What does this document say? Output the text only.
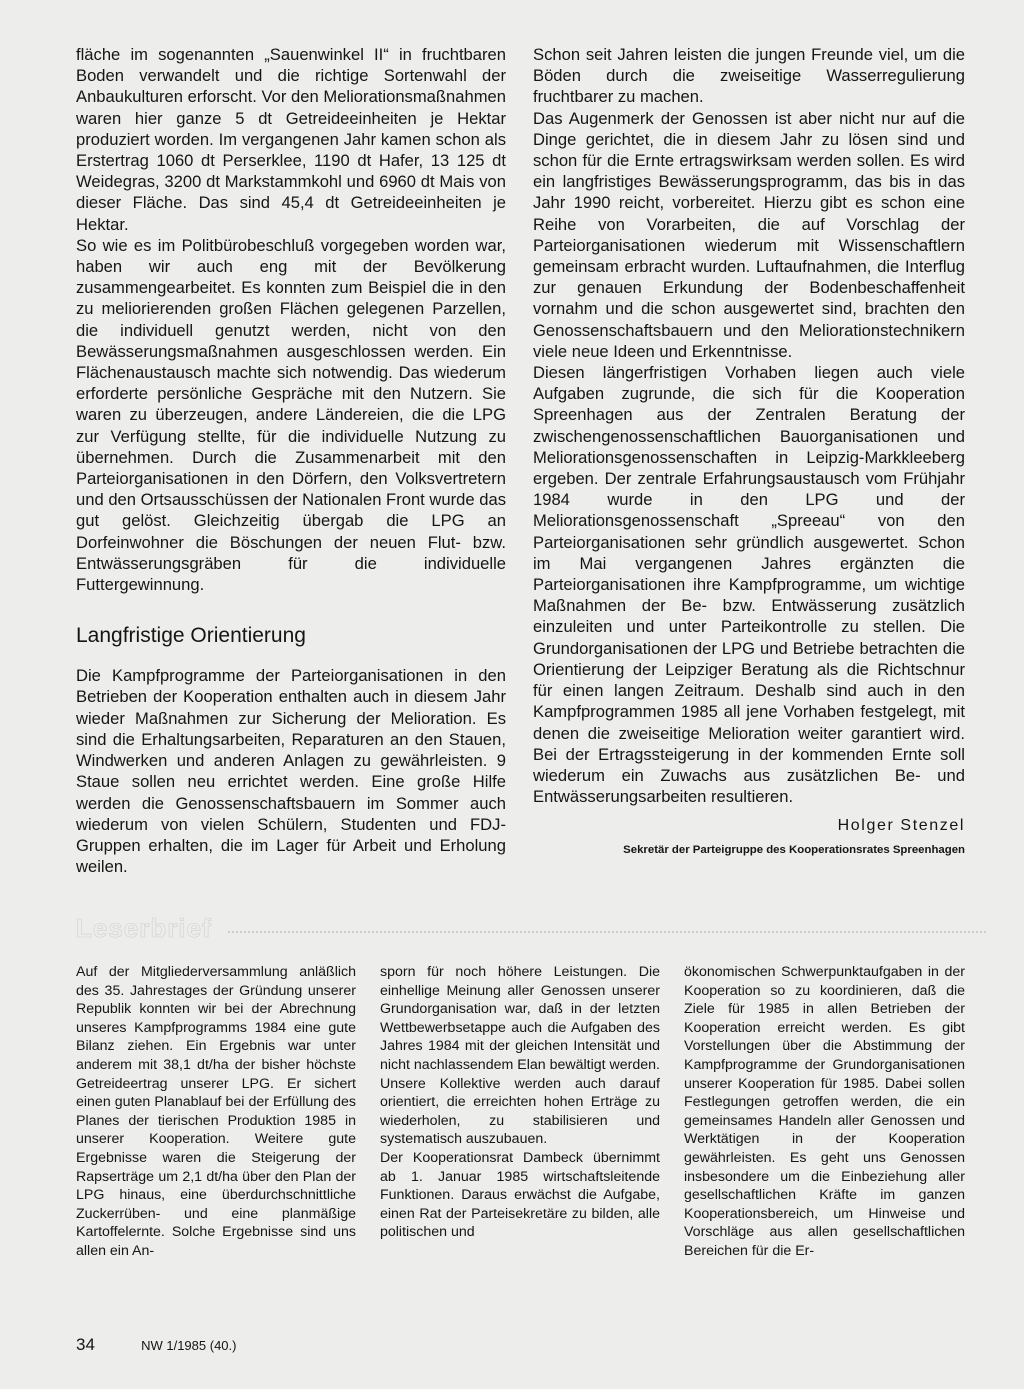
fläche im sogenannten „Sauenwinkel II“ in fruchtbaren Boden verwandelt und die richtige Sortenwahl der Anbaukulturen erforscht. Vor den Meliorationsmaßnahmen waren hier ganze 5 dt Getreideeinheiten je Hektar produziert worden. Im vergangenen Jahr kamen schon als Erstertrag 1060 dt Perserklee, 1190 dt Hafer, 13 125 dt Weidegras, 3200 dt Markstammkohl und 6960 dt Mais von dieser Fläche. Das sind 45,4 dt Getreideeinheiten je Hektar.

So wie es im Politbürobeschluß vorgegeben worden war, haben wir auch eng mit der Bevölkerung zusammengearbeitet. Es konnten zum Beispiel die in den zu meliorierenden großen Flächen gelegenen Parzellen, die individuell genutzt werden, nicht von den Bewässerungsmaßnahmen ausgeschlossen werden. Ein Flächenaustausch machte sich notwendig. Das wiederum erforderte persönliche Gespräche mit den Nutzern. Sie waren zu überzeugen, andere Ländereien, die die LPG zur Verfügung stellte, für die individuelle Nutzung zu übernehmen. Durch die Zusammenarbeit mit den Parteiorganisationen in den Dörfern, den Volksvertretern und den Ortsausschüssen der Nationalen Front wurde das gut gelöst. Gleichzeitig übergab die LPG an Dorfeinwohner die Böschungen der neuen Flut- bzw. Entwässerungsgräben für die individuelle Futtergewinnung.

Langfristige Orientierung

Die Kampfprogramme der Parteiorganisationen in den Betrieben der Kooperation enthalten auch in diesem Jahr wieder Maßnahmen zur Sicherung der Melioration. Es sind die Erhaltungsarbeiten, Reparaturen an den Stauen, Windwerken und anderen Anlagen zu gewährleisten. 9 Staue sollen neu errichtet werden. Eine große Hilfe werden die Genossenschaftsbauern im Sommer auch wiederum von vielen Schülern, Studenten und FDJ-Gruppen erhalten, die im Lager für Arbeit und Erholung weilen.

Schon seit Jahren leisten die jungen Freunde viel, um die Böden durch die zweiseitige Wasserregulierung fruchtbarer zu machen.

Das Augenmerk der Genossen ist aber nicht nur auf die Dinge gerichtet, die in diesem Jahr zu lösen sind und schon für die Ernte ertragswirksam werden sollen. Es wird ein langfristiges Bewässerungsprogramm, das bis in das Jahr 1990 reicht, vorbereitet. Hierzu gibt es schon eine Reihe von Vorarbeiten, die auf Vorschlag der Parteiorganisationen wiederum mit Wissenschaftlern gemeinsam erbracht wurden. Luftaufnahmen, die Interflug zur genauen Erkundung der Bodenbeschaffenheit vornahm und die schon ausgewertet sind, brachten den Genossenschaftsbauern und den Meliorationstechnikern viele neue Ideen und Erkenntnisse.

Diesen längerfristigen Vorhaben liegen auch viele Aufgaben zugrunde, die sich für die Kooperation Spreenhagen aus der Zentralen Beratung der zwischengenossenschaftlichen Bauorganisationen und Meliorationsgenossenschaften in Leipzig-Markkleeberg ergeben. Der zentrale Erfahrungsaustausch vom Frühjahr 1984 wurde in den LPG und der Meliorationsgenossenschaft „Spreeau“ von den Parteiorganisationen sehr gründlich ausgewertet. Schon im Mai vergangenen Jahres ergänzten die Parteiorganisationen ihre Kampfprogramme, um wichtige Maßnahmen der Be- bzw. Entwässerung zusätzlich einzuleiten und unter Parteikontrolle zu stellen. Die Grundorganisationen der LPG und Betriebe betrachten die Orientierung der Leipziger Beratung als die Richtschnur für einen langen Zeitraum. Deshalb sind auch in den Kampfprogrammen 1985 all jene Vorhaben festgelegt, mit denen die zweiseitige Melioration weiter garantiert wird. Bei der Ertragssteigerung in der kommenden Ernte soll wiederum ein Zuwachs aus zusätzlichen Be- und Entwässerungsarbeiten resultieren.

Holger Stenzel
Sekretär der Parteigruppe des Kooperationsrates Spreenhagen
Leserbrief

Auf der Mitgliederversammlung anläßlich des 35. Jahrestages der Gründung unserer Republik konnten wir bei der Abrechnung unseres Kampfprogramms 1984 eine gute Bilanz ziehen. Ein Ergebnis war unter anderem mit 38,1 dt/ha der bisher höchste Getreideertrag unserer LPG. Er sichert einen guten Planablauf bei der Erfüllung des Planes der tierischen Produktion 1985 in unserer Kooperation. Weitere gute Ergebnisse waren die Steigerung der Rapserträge um 2,1 dt/ha über den Plan der LPG hinaus, eine überdurchschnittliche Zuckerrüben- und eine planmäßige Kartoffelernte. Solche Ergebnisse sind uns allen ein An-

sporn für noch höhere Leistungen. Die einhellige Meinung aller Genossen unserer Grundorganisation war, daß in der letzten Wettbewerbsetappe auch die Aufgaben des Jahres 1984 mit der gleichen Intensität und nicht nachlassendem Elan bewältigt werden. Unsere Kollektive werden auch darauf orientiert, die erreichten hohen Erträge zu wiederholen, zu stabilisieren und systematisch auszubauen.

Der Kooperationsrat Dambeck übernimmt ab 1. Januar 1985 wirtschaftsleitende Funktionen. Daraus erwächst die Aufgabe, einen Rat der Parteisekretäre zu bilden, alle politischen und

ökonomischen Schwerpunktaufgaben in der Kooperation so zu koordinieren, daß die Ziele für 1985 in allen Betrieben der Kooperation erreicht werden. Es gibt Vorstellungen über die Abstimmung der Kampfprogramme der Grundorganisationen unserer Kooperation für 1985. Dabei sollen Festlegungen getroffen werden, die ein gemeinsames Handeln aller Genossen und Werktätigen in der Kooperation gewährleisten. Es geht uns Genossen insbesondere um die Einbeziehung aller gesellschaftlichen Kräfte im ganzen Kooperationsbereich, um Hinweise und Vorschläge aus allen gesellschaftlichen Bereichen für die Er-

34	NW 1/1985 (40.)
